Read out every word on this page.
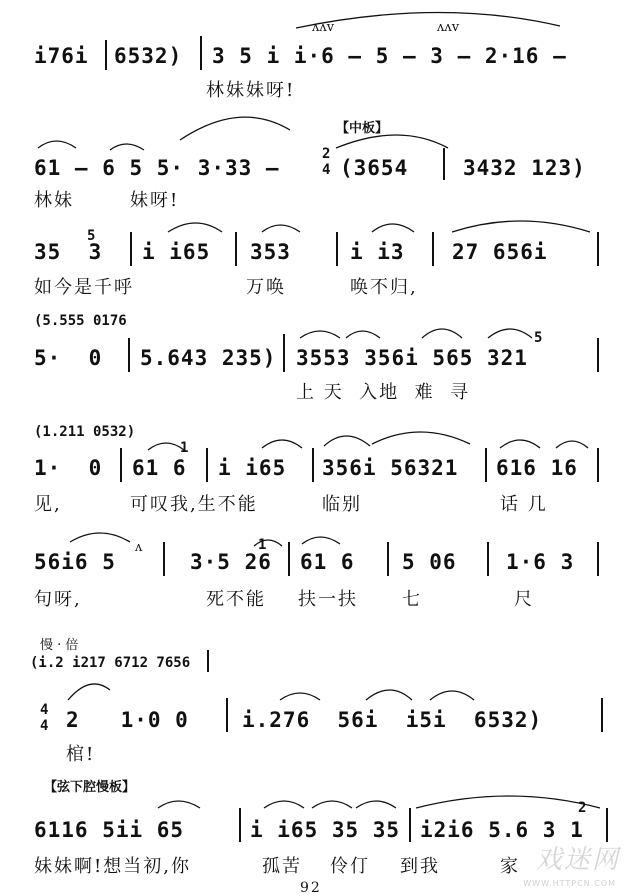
i76i 6532) 3 5 i i·6 – 5 – 3 – 2·16 –
林妹妹呀!
ʌʌv	ʌʌv
【中板】
61 – 6 5 5· 3·33 –
2
4 (3654	3432 123)
林妹	妹呀!
5
35  3 i i65 353	i i3 27 656i
如今是千呼	万唤	唤不归,
(5.555 0176
5
5·  0 5.643 235) 3553 356i 565 321
上 天  入地  难  寻
(1.211 0532)
1
1·  0 61 6 i i65 356i 56321 616 16
见,	可叹我,生不能	临别	话 几
1
56i6 5	3·5 26 61 6 5 06 1·6 3
ʌ
句呀,	死不能 扶一扶 七	尺
慢 · 倍
(i.2 i217 6712 7656
4
4 2   1·0 0	i.276  56i  i5i  6532)
棺!
【弦下腔慢板】
2
6116 5ii 65	i i65 35 35 i2i6 5.6 3 1
妹妹啊!想当初,你	孤苦 伶仃 到我	家
92
戏迷网
WWW.HTTPCN.COM
